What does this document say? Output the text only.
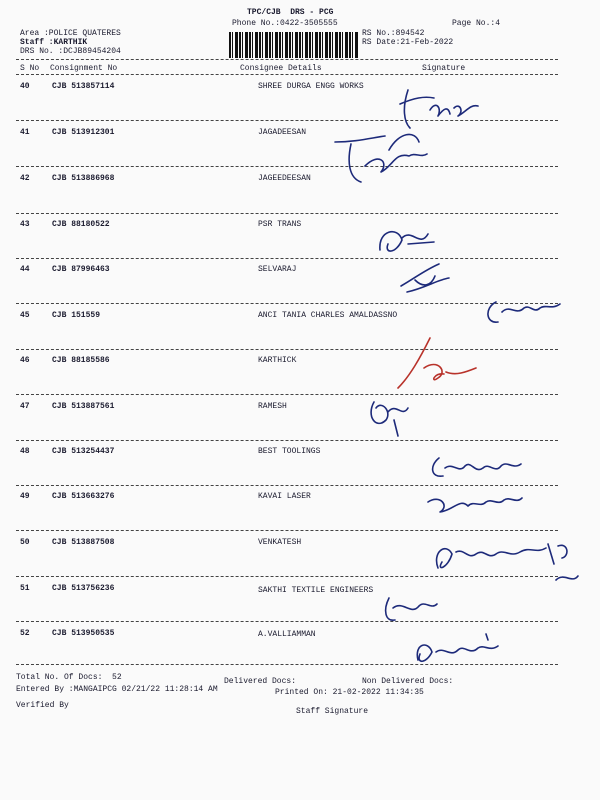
TPC/CJB  DRS - PCG
Phone No.:0422-3505555	Page No.:4
Area :POLICE QUATERES
Staff :KARTHIK
DRS No. :DCJB89454204
RS No.:894542
RS Date:21-Feb-2022
S No Consignment No	Consignee Details	Signature
40	CJB 513857114	SHREE DURGA ENGG WORKS
41	CJB 513912301	JAGADEESAN
42	CJB 513886968	JAGEEDEESAN
43	CJB 88180522	PSR TRANS
44	CJB 87996463	SELVARAJ
45	CJB 151559	ANCI TANIA CHARLES AMALDASSNO
46	CJB 88185586	KARTHICK
47	CJB 513887561	RAMESH
48	CJB 513254437	BEST TOOLINGS
49	CJB 513663276	KAVAI LASER
50	CJB 513887508	VENKATESH
51	CJB 513756236	SAKTHI TEXTILE ENGINEERS
52	CJB 513950535	A.VALLIAMMAN
Total No. Of Docs:  52	Delivered Docs:	Non Delivered Docs:
Entered By :MANGAIPCG 02/21/22 11:28:14 AM	Printed On: 21-02-2022 11:34:35
Verified By
Staff Signature
